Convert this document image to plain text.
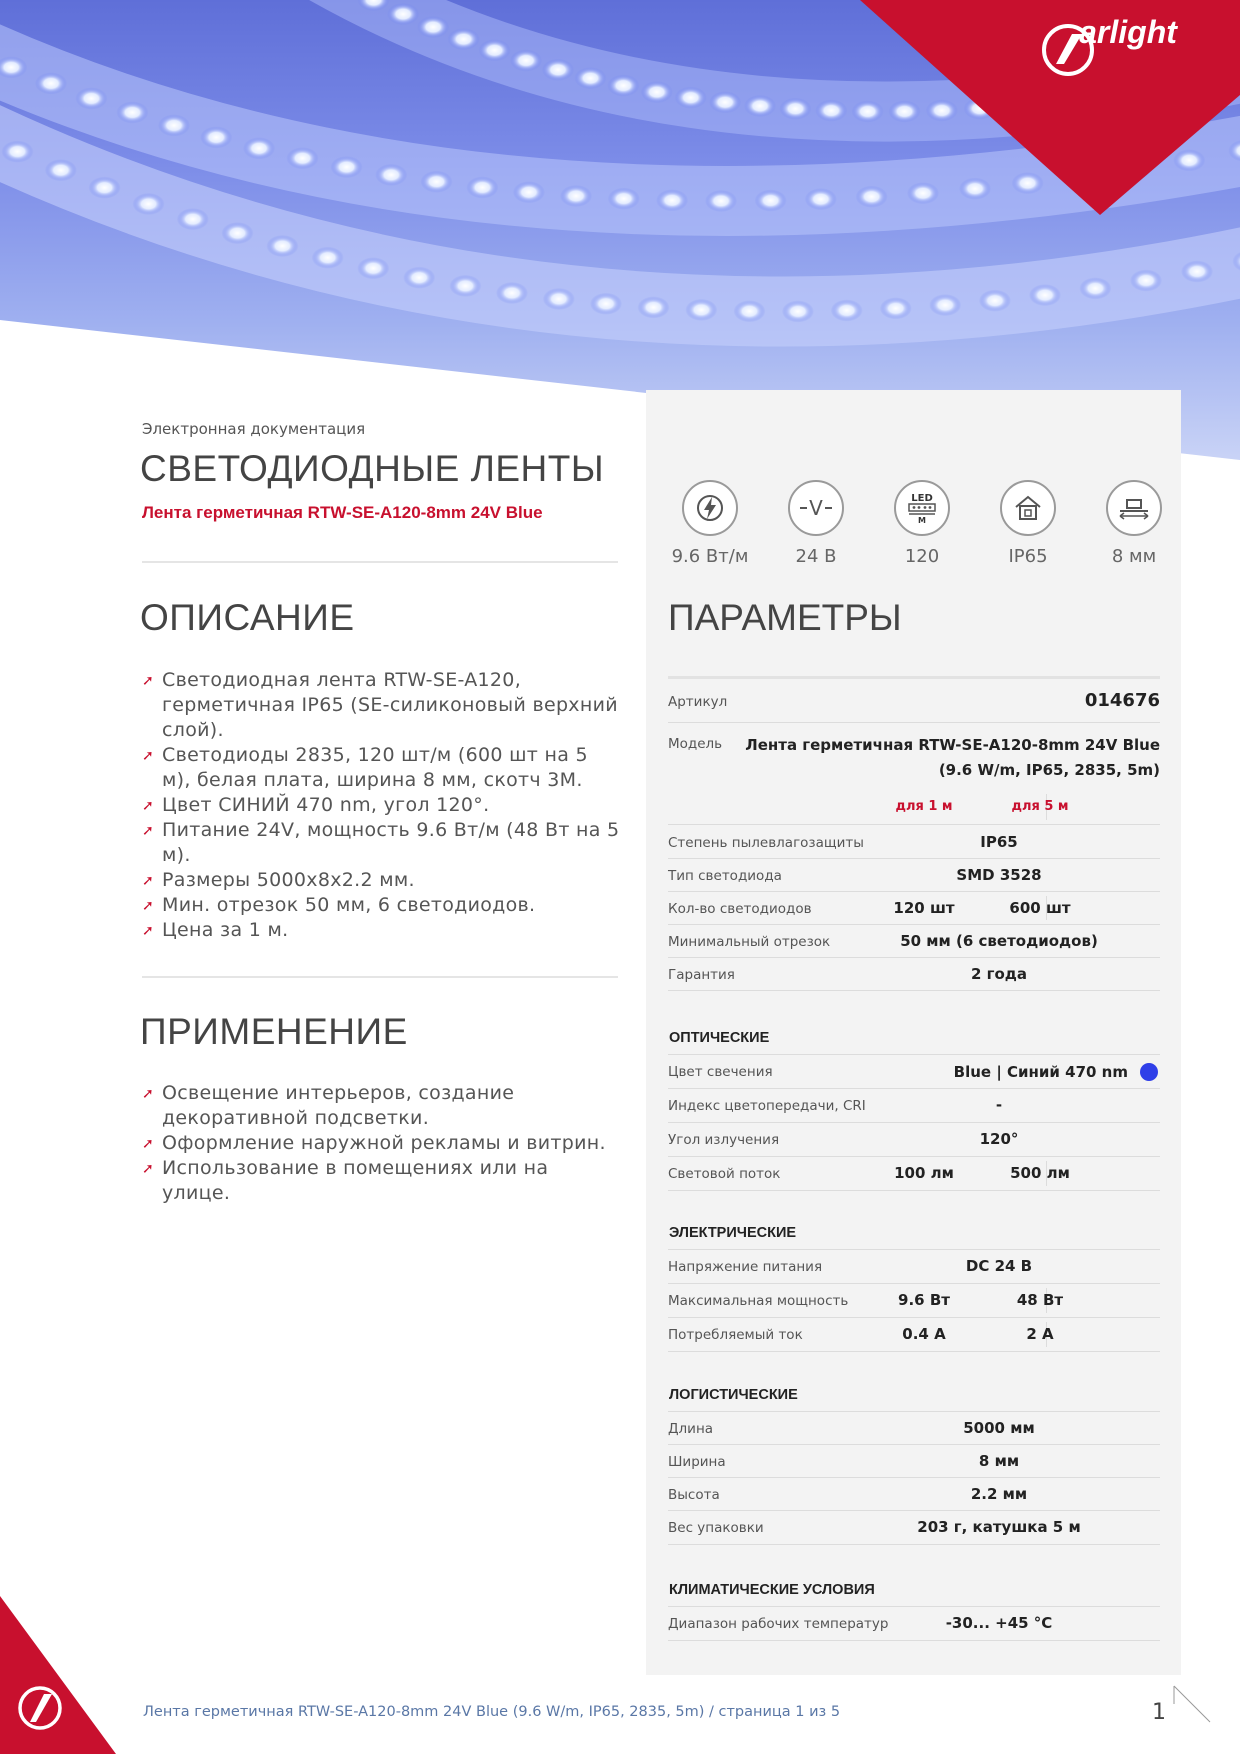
arlight
Электронная документация
СВЕТОДИОДНЫЕ ЛЕНТЫ
Лента герметичная RTW-SE-A120-8mm 24V Blue
9.6 Вт/м
V
24 В
LED
М
120	IP65	8 мм
ОПИСАНИЕ
➚ Светодиодная лента RTW-SE-A120, герметичная IP65 (SE-силиконовый верхний слой).
➚ Светодиоды 2835, 120 шт/м (600 шт на 5 м), белая плата, ширина 8 мм, скотч 3M.
➚ Цвет СИНИЙ 470 nm, угол 120°.
➚ Питание 24V, мощность 9.6 Вт/м (48 Вт на 5 м).
➚ Размеры 5000x8x2.2 мм.
➚ Мин. отрезок 50 мм, 6 светодиодов.
➚ Цена за 1 м.
ПРИМЕНЕНИЕ
➚ Освещение интерьеров, создание декоративной подсветки.
➚ Оформление наружной рекламы и витрин.
➚ Использование в помещениях или на улице.
ПАРАМЕТРЫ
Артикул	014676
Модель Лента герметичная RTW-SE-A120-8mm 24V Blue
(9.6 W/m, IP65, 2835, 5m)
для 1 м	для 5 м
Степень пылевлагозащиты	IP65
Тип светодиода	SMD 3528
Кол-во светодиодов	120 шт	600 шт
Минимальный отрезок	50 мм (6 светодиодов)
Гарантия	2 года
ОПТИЧЕСКИЕ
Цвет свечения	Blue | Синий 470 nm
Индекс цветопередачи, CRI	-
Угол излучения	120°
Световой поток	100 лм	500 лм
ЭЛЕКТРИЧЕСКИЕ
Напряжение питания	DC 24 В
Максимальная мощность	9.6 Вт	48 Вт
Потребляемый ток	0.4 А	2 А
ЛОГИСТИЧЕСКИЕ
Длина	5000 мм
Ширина	8 мм
Высота	2.2 мм
Вес упаковки	203 г, катушка 5 м
КЛИМАТИЧЕСКИЕ УСЛОВИЯ
Диапазон рабочих температур	-30... +45 °C
Лента герметичная RTW-SE-A120-8mm 24V Blue (9.6 W/m, IP65, 2835, 5m) / страница 1 из 5	1
